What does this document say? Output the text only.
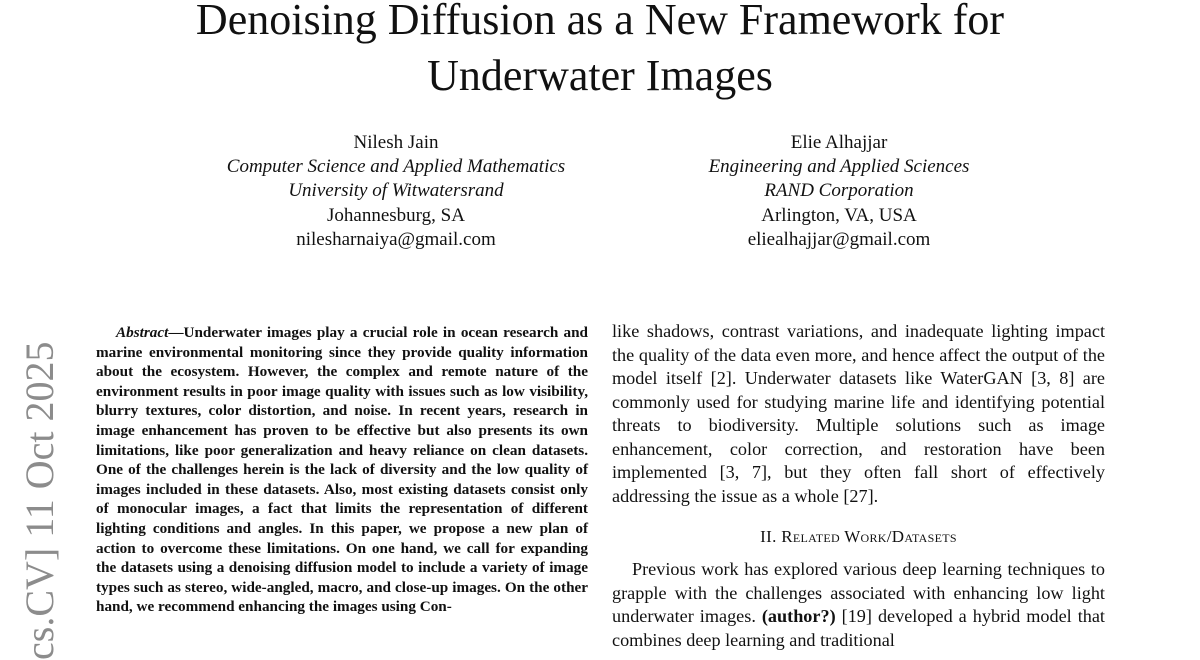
Denoising Diffusion as a New Framework for
Underwater Images
Nilesh Jain
Computer Science and Applied Mathematics
University of Witwatersrand
Johannesburg, SA
nilesharnaiya@gmail.com
Elie Alhajjar
Engineering and Applied Sciences
RAND Corporation
Arlington, VA, USA
eliealhajjar@gmail.com
cs.CV] 11 Oct 2025

Abstract—Underwater images play a crucial role in ocean research and marine environmental monitoring since they provide quality information about the ecosystem. However, the complex and remote nature of the environment results in poor image quality with issues such as low visibility, blurry textures, color distortion, and noise. In recent years, research in image enhancement has proven to be effective but also presents its own limitations, like poor generalization and heavy reliance on clean datasets. One of the challenges herein is the lack of diversity and the low quality of images included in these datasets. Also, most existing datasets consist only of monocular images, a fact that limits the representation of different lighting conditions and angles. In this paper, we propose a new plan of action to overcome these limitations. On one hand, we call for expanding the datasets using a denoising diffusion model to include a variety of image types such as stereo, wide-angled, macro, and close-up images. On the other hand, we recommend enhancing the images using Con-

like shadows, contrast variations, and inadequate lighting impact the quality of the data even more, and hence affect the output of the model itself [2]. Underwater datasets like WaterGAN [3, 8] are commonly used for studying marine life and identifying potential threats to biodiversity. Multiple solutions such as image enhancement, color correction, and restoration have been implemented [3, 7], but they often fall short of effectively addressing the issue as a whole [27].

II. Related Work/Datasets

Previous work has explored various deep learning techniques to grapple with the challenges associated with enhancing low light underwater images. (author?) [19] developed a hybrid model that combines deep learning and traditional
